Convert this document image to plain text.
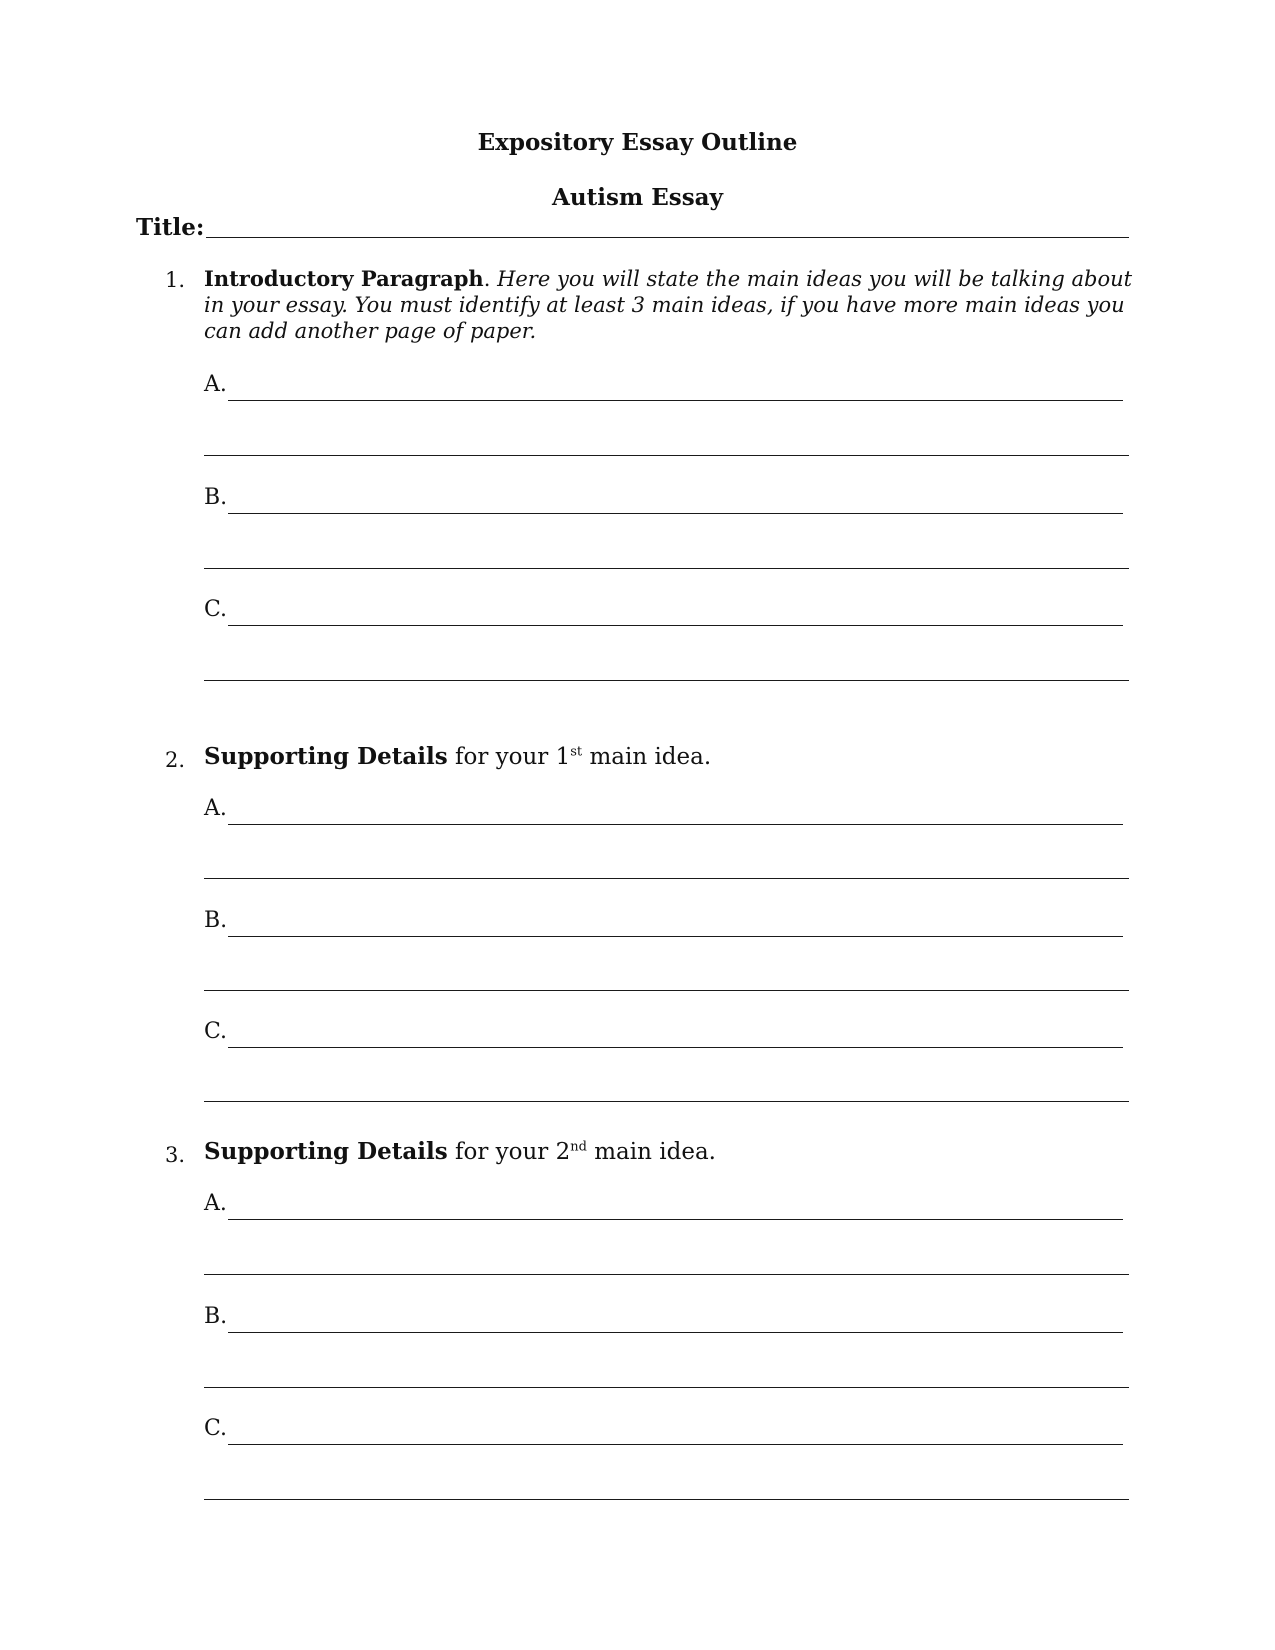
Expository Essay Outline
Autism Essay
Title:
1. Introductory Paragraph. Here you will state the main ideas you will be talking about in your essay. You must identify at least 3 main ideas, if you have more main ideas you can add another page of paper.
A.
B.
C.
2. Supporting Details for your 1st main idea.
A.
B.
C.
3. Supporting Details for your 2nd main idea.
A.
B.
C.
